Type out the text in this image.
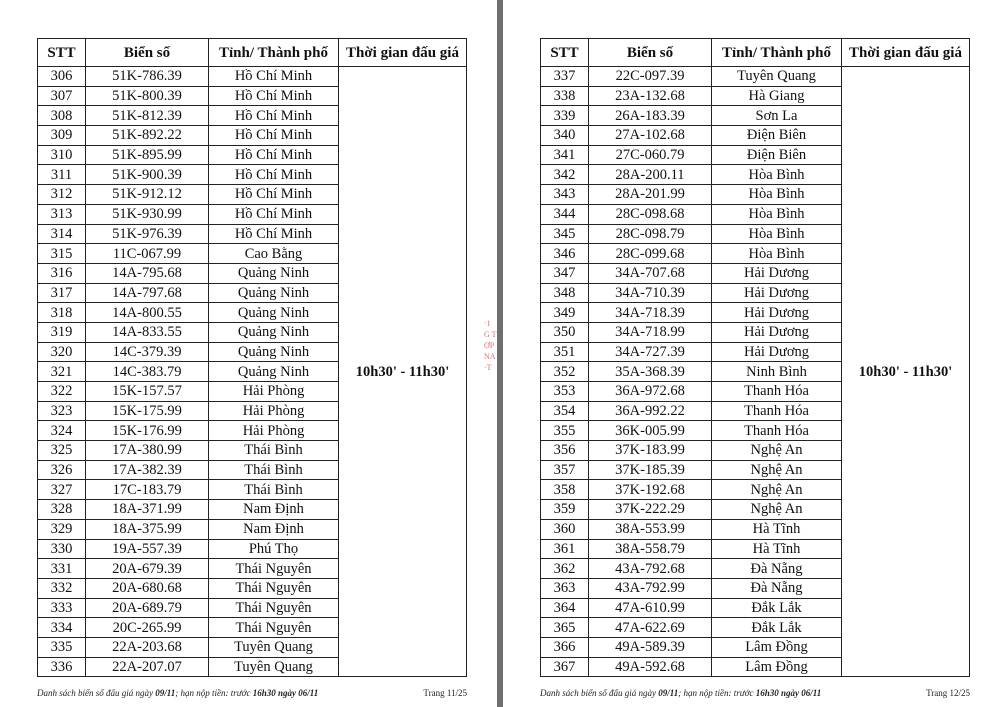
STT	Biển số	Tỉnh/ Thành phố	Thời gian đấu giá
306	51K-786.39	Hồ Chí Minh	10h30' - 11h30'
307	51K-800.39	Hồ Chí Minh	
308	51K-812.39	Hồ Chí Minh	
309	51K-892.22	Hồ Chí Minh	
310	51K-895.99	Hồ Chí Minh	
311	51K-900.39	Hồ Chí Minh	
312	51K-912.12	Hồ Chí Minh	
313	51K-930.99	Hồ Chí Minh	
314	51K-976.39	Hồ Chí Minh	
315	11C-067.99	Cao Bằng	
316	14A-795.68	Quảng Ninh	
317	14A-797.68	Quảng Ninh	
318	14A-800.55	Quảng Ninh	
319	14A-833.55	Quảng Ninh	
320	14C-379.39	Quảng Ninh	
321	14C-383.79	Quảng Ninh	
322	15K-157.57	Hải Phòng	
323	15K-175.99	Hải Phòng	
324	15K-176.99	Hải Phòng	
325	17A-380.99	Thái Bình	
326	17A-382.39	Thái Bình	
327	17C-183.79	Thái Bình	
328	18A-371.99	Nam Định	
329	18A-375.99	Nam Định	
330	19A-557.39	Phú Thọ	
331	20A-679.39	Thái Nguyên	
332	20A-680.68	Thái Nguyên	
333	20A-689.79	Thái Nguyên	
334	20C-265.99	Thái Nguyên	
335	22A-203.68	Tuyên Quang	
336	22A-207.07	Tuyên Quang	
Danh sách biển số đấu giá ngày 09/11; hạn nộp tiền: trước 16h30 ngày 06/11	Trang 11/25
·1
G T
ỢP
NA
·T
STT	Biển số	Tỉnh/ Thành phố	Thời gian đấu giá
337	22C-097.39	Tuyên Quang	10h30' - 11h30'
338	23A-132.68	Hà Giang	
339	26A-183.39	Sơn La	
340	27A-102.68	Điện Biên	
341	27C-060.79	Điện Biên	
342	28A-200.11	Hòa Bình	
343	28A-201.99	Hòa Bình	
344	28C-098.68	Hòa Bình	
345	28C-098.79	Hòa Bình	
346	28C-099.68	Hòa Bình	
347	34A-707.68	Hải Dương	
348	34A-710.39	Hải Dương	
349	34A-718.39	Hải Dương	
350	34A-718.99	Hải Dương	
351	34A-727.39	Hải Dương	
352	35A-368.39	Ninh Bình	
353	36A-972.68	Thanh Hóa	
354	36A-992.22	Thanh Hóa	
355	36K-005.99	Thanh Hóa	
356	37K-183.99	Nghệ An	
357	37K-185.39	Nghệ An	
358	37K-192.68	Nghệ An	
359	37K-222.29	Nghệ An	
360	38A-553.99	Hà Tĩnh	
361	38A-558.79	Hà Tĩnh	
362	43A-792.68	Đà Nẵng	
363	43A-792.99	Đà Nẵng	
364	47A-610.99	Đắk Lắk	
365	47A-622.69	Đắk Lắk	
366	49A-589.39	Lâm Đồng	
367	49A-592.68	Lâm Đồng	
Danh sách biển số đấu giá ngày 09/11; hạn nộp tiền: trước 16h30 ngày 06/11	Trang 12/25
